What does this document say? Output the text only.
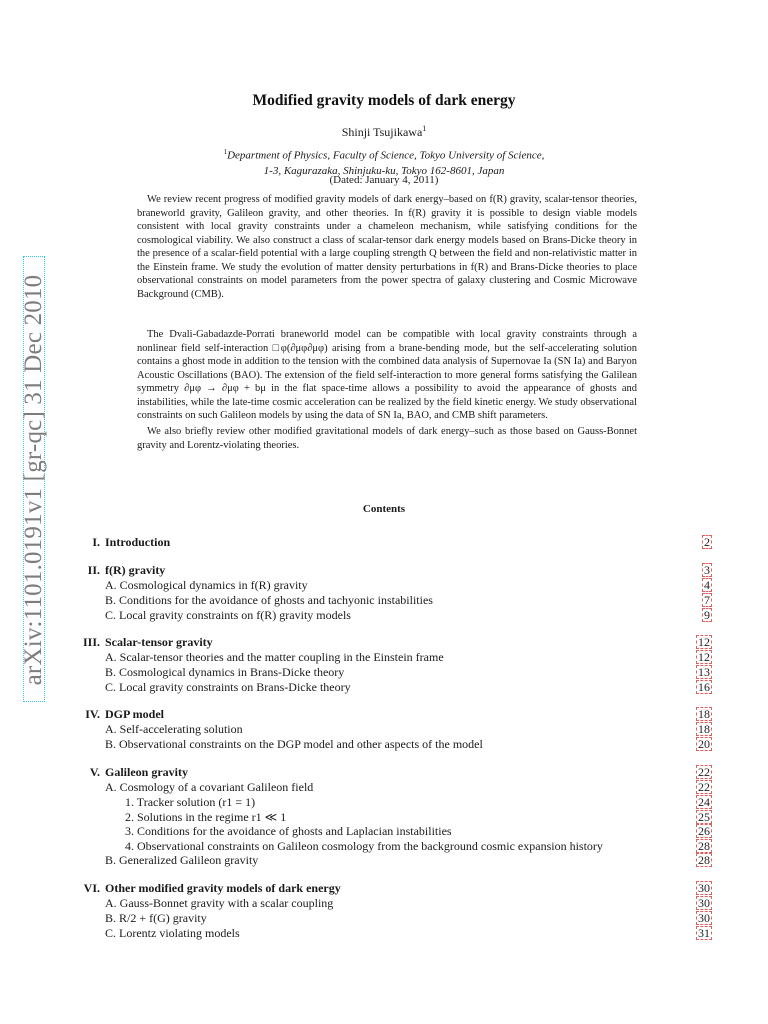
arXiv:1101.0191v1 [gr-qc] 31 Dec 2010
Modified gravity models of dark energy
Shinji Tsujikawa$^1$
$^1$Department of Physics, Faculty of Science, Tokyo University of Science,
1-3, Kagurazaka, Shinjuku-ku, Tokyo 162-8601, Japan
(Dated: January 4, 2011)

We review recent progress of modified gravity models of dark energy–based on f(R) gravity, scalar-tensor theories, braneworld gravity, Galileon gravity, and other theories. In f(R) gravity it is possible to design viable models consistent with local gravity constraints under a chameleon mechanism, while satisfying conditions for the cosmological viability. We also construct a class of scalar-tensor dark energy models based on Brans-Dicke theory in the presence of a scalar-field potential with a large coupling strength Q between the field and non-relativistic matter in the Einstein frame. We study the evolution of matter density perturbations in f(R) and Brans-Dicke theories to place observational constraints on model parameters from the power spectra of galaxy clustering and Cosmic Microwave Background (CMB).

The Dvali-Gabadazde-Porrati braneworld model can be compatible with local gravity constraints through a nonlinear field self-interaction □φ(∂μφ∂μφ) arising from a brane-bending mode, but the self-accelerating solution contains a ghost mode in addition to the tension with the combined data analysis of Supernovae Ia (SN Ia) and Baryon Acoustic Oscillations (BAO). The extension of the field self-interaction to more general forms satisfying the Galilean symmetry ∂μφ → ∂μφ + bμ in the flat space-time allows a possibility to avoid the appearance of ghosts and instabilities, while the late-time cosmic acceleration can be realized by the field kinetic energy. We study observational constraints on such Galileon models by using the data of SN Ia, BAO, and CMB shift parameters.

We also briefly review other modified gravitational models of dark energy–such as those based on Gauss-Bonnet gravity and Lorentz-violating theories.

Contents
I. Introduction	2
II. f(R) gravity	3
A. Cosmological dynamics in f(R) gravity	4
B. Conditions for the avoidance of ghosts and tachyonic instabilities	7
C. Local gravity constraints on f(R) gravity models	9
III. Scalar-tensor gravity	12
A. Scalar-tensor theories and the matter coupling in the Einstein frame	12
B. Cosmological dynamics in Brans-Dicke theory	13
C. Local gravity constraints on Brans-Dicke theory	16
IV. DGP model	18
A. Self-accelerating solution	18
B. Observational constraints on the DGP model and other aspects of the model	20
V. Galileon gravity	22
A. Cosmology of a covariant Galileon field	22
1. Tracker solution (r1 = 1)	24
2. Solutions in the regime r1 ≪ 1	25
3. Conditions for the avoidance of ghosts and Laplacian instabilities	26
4. Observational constraints on Galileon cosmology from the background cosmic expansion history	28
B. Generalized Galileon gravity	28
VI. Other modified gravity models of dark energy	30
A. Gauss-Bonnet gravity with a scalar coupling	30
B. R/2 + f(G) gravity	30
C. Lorentz violating models	31
